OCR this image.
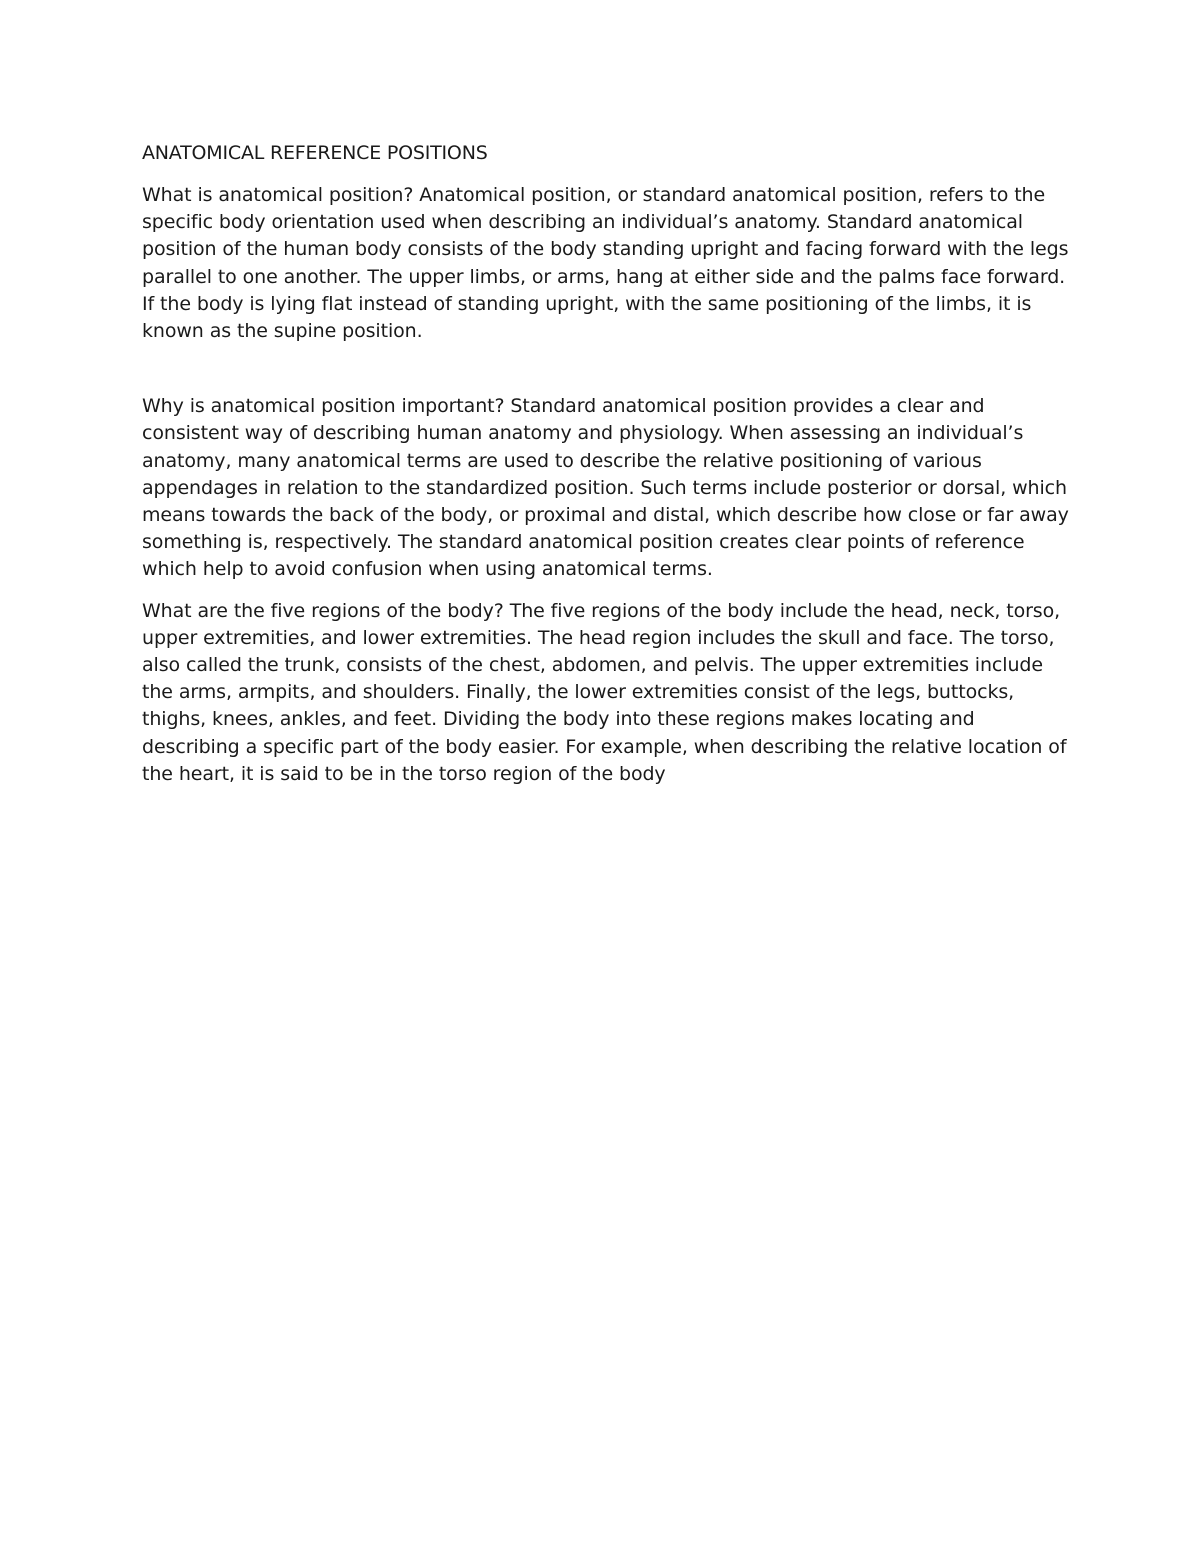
ANATOMICAL REFERENCE POSITIONS

What is anatomical position? Anatomical position, or standard anatomical position, refers to the specific body orientation used when describing an individual’s anatomy. Standard anatomical position of the human body consists of the body standing upright and facing forward with the legs parallel to one another. The upper limbs, or arms, hang at either side and the palms face forward. If the body is lying flat instead of standing upright, with the same positioning of the limbs, it is known as the supine position.

Why is anatomical position important? Standard anatomical position provides a clear and consistent way of describing human anatomy and physiology. When assessing an individual’s anatomy, many anatomical terms are used to describe the relative positioning of various appendages in relation to the standardized position. Such terms include posterior or dorsal, which means towards the back of the body, or proximal and distal, which describe how close or far away something is, respectively. The standard anatomical position creates clear points of reference which help to avoid confusion when using anatomical terms.

What are the five regions of the body? The five regions of the body include the head, neck, torso, upper extremities, and lower extremities. The head region includes the skull and face. The torso, also called the trunk, consists of the chest, abdomen, and pelvis. The upper extremities include the arms, armpits, and shoulders. Finally, the lower extremities consist of the legs, buttocks, thighs, knees, ankles, and feet. Dividing the body into these regions makes locating and describing a specific part of the body easier. For example, when describing the relative location of the heart, it is said to be in the torso region of the body
